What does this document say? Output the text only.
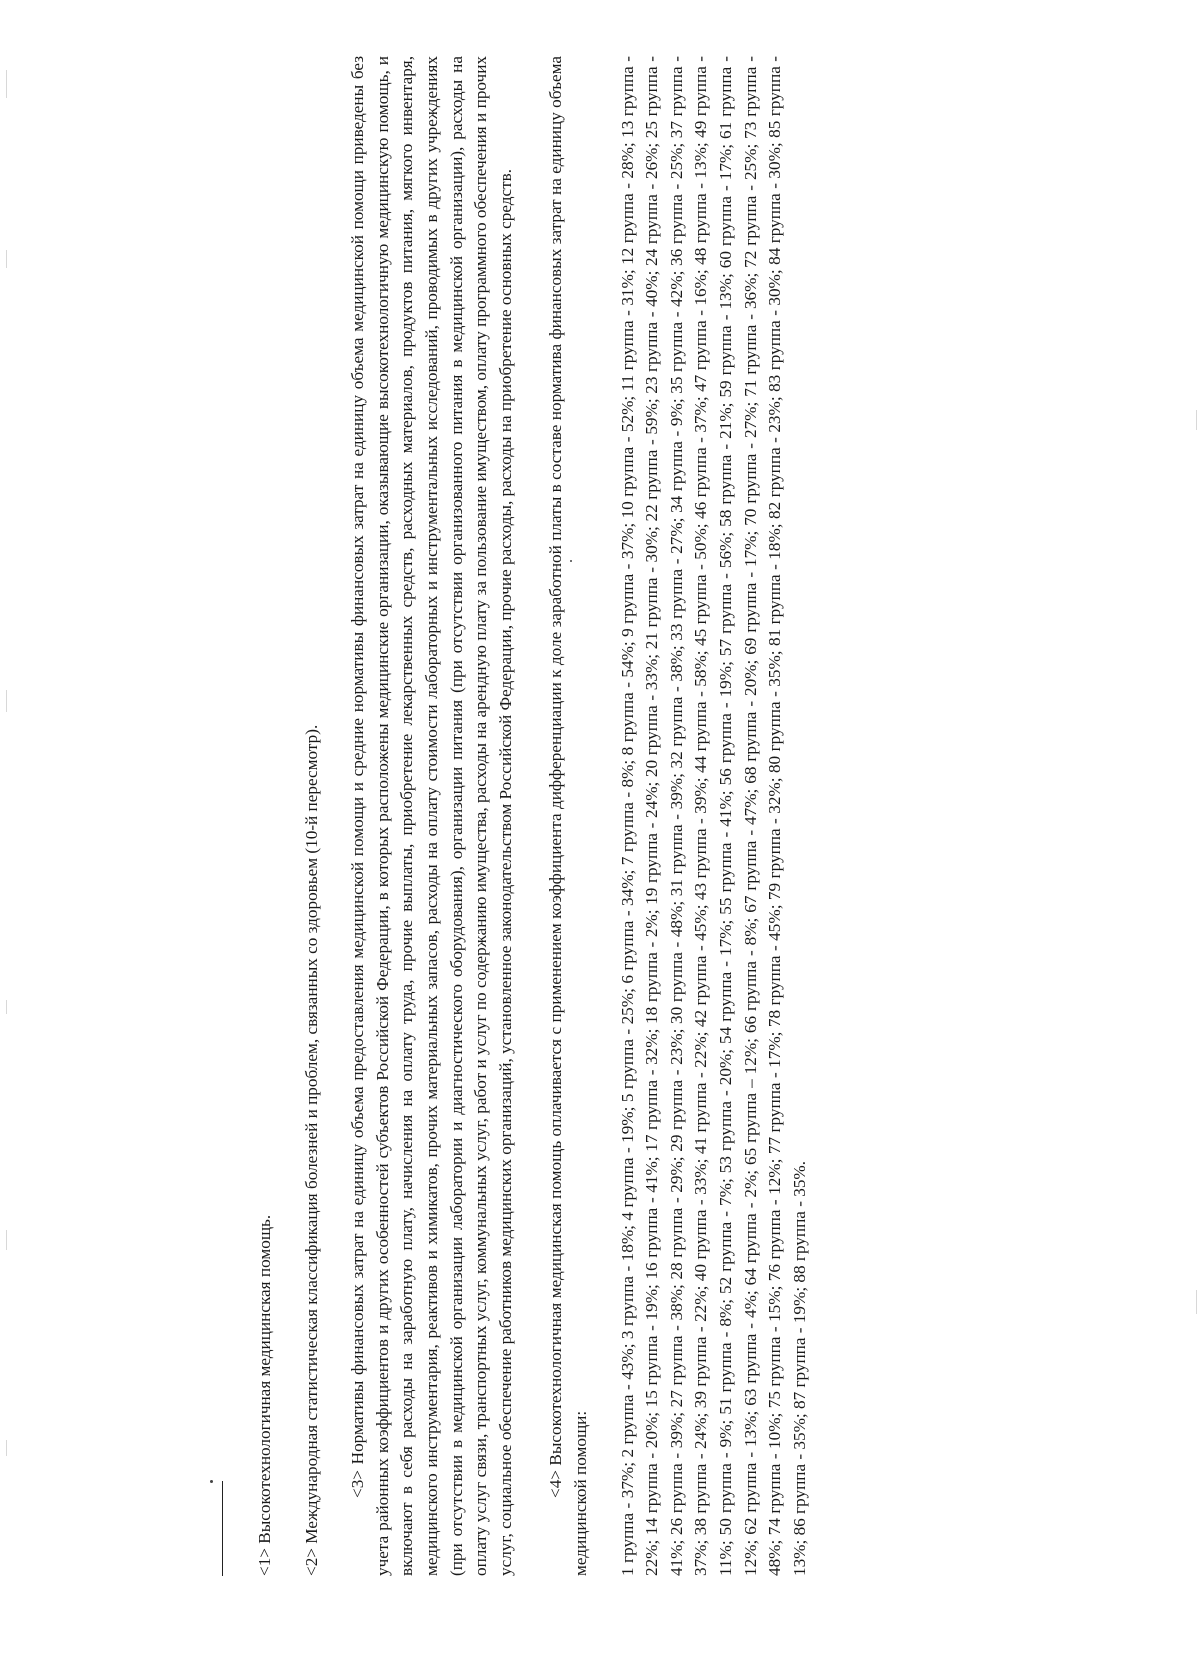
<1> Высокотехнологичная медицинская помощь. <2> Международная статистическая классификация болезней и проблем, связанных со здоровьем (10-й пересмотр). <3> Нормативы финансовых затрат на единицу объема предоставления медицинской помощи и средние нормативы финансовых затрат на единицу объема медицинской помощи приведены без учета районных коэффициентов и других особенностей субъектов Российской Федерации, в которых расположены медицинские организации, оказывающие высокотехнологичную медицинскую помощь, и включают в себя расходы на заработную плату, начисления на оплату труда, прочие выплаты, приобретение лекарственных средств, расходных материалов, продуктов питания, мягкого инвентаря, медицинского инструментария, реактивов и химикатов, прочих материальных запасов, расходы на оплату стоимости лабораторных и инструментальных исследований, проводимых в других учреждениях (при отсутствии в медицинской организации лаборатории и диагностического оборудования), организации питания (при отсутствии организованного питания в медицинской организации), расходы на оплату услуг связи, транспортных услуг, коммунальных услуг, работ и услуг по содержанию имущества, расходы на арендную плату за пользование имуществом, оплату программного обеспечения и прочих услуг, социальное обеспечение работников медицинских организаций, установленное законодательством Российской Федерации, прочие расходы, расходы на приобретение основных средств. <4> Высокотехнологичная медицинская помощь оплачивается с применением коэффициента дифференциации к доле заработной платы в составе норматива финансовых затрат на единицу объема медицинской помощи: 1 группа - 37%; 2 группа - 43%; 3 группа - 18%; 4 группа - 19%; 5 группа - 25%; 6 группа - 34%; 7 группа - 8%; 8 группа - 54%; 9 группа - 37%; 10 группа - 52%; 11 группа - 31%; 12 группа - 28%; 13 группа - 22%; 14 группа - 20%; 15 группа - 19%; 16 группа - 41%; 17 группа - 32%; 18 группа - 2%; 19 группа - 24%; 20 группа - 33%; 21 группа - 30%; 22 группа - 59%; 23 группа - 40%; 24 группа - 26%; 25 группа - 41%; 26 группа - 39%; 27 группа - 38%; 28 группа - 29%; 29 группа - 23%; 30 группа - 48%; 31 группа - 39%; 32 группа - 38%; 33 группа - 27%; 34 группа - 9%; 35 группа - 42%; 36 группа - 25%; 37 группа - 37%; 38 группа - 24%; 39 группа - 22%; 40 группа - 33%; 41 группа - 22%; 42 группа - 45%; 43 группа - 39%; 44 группа - 58%; 45 группа - 50%; 46 группа - 37%; 47 группа - 16%; 48 группа - 13%; 49 группа - 11%; 50 группа - 9%; 51 группа - 8%; 52 группа - 7%; 53 группа - 20%; 54 группа - 17%; 55 группа - 41%; 56 группа - 19%; 57 группа - 56%; 58 группа - 21%; 59 группа - 13%; 60 группа - 17%; 61 группа - 12%; 62 группа - 13%; 63 группа - 4%; 64 группа - 2%; 65 группа – 12%; 66 группа - 8%; 67 группа - 47%; 68 группа - 20%; 69 группа - 17%; 70 группа - 27%; 71 группа - 36%; 72 группа - 25%; 73 группа - 48%; 74 группа - 10%; 75 группа - 15%; 76 группа - 12%; 77 группа - 17%; 78 группа - 45%; 79 группа - 32%; 80 группа - 35%; 81 группа - 18%; 82 группа - 23%; 83 группа - 30%; 84 группа - 30%; 85 группа - 13%; 86 группа - 35%; 87 группа - 19%; 88 группа - 35%.
